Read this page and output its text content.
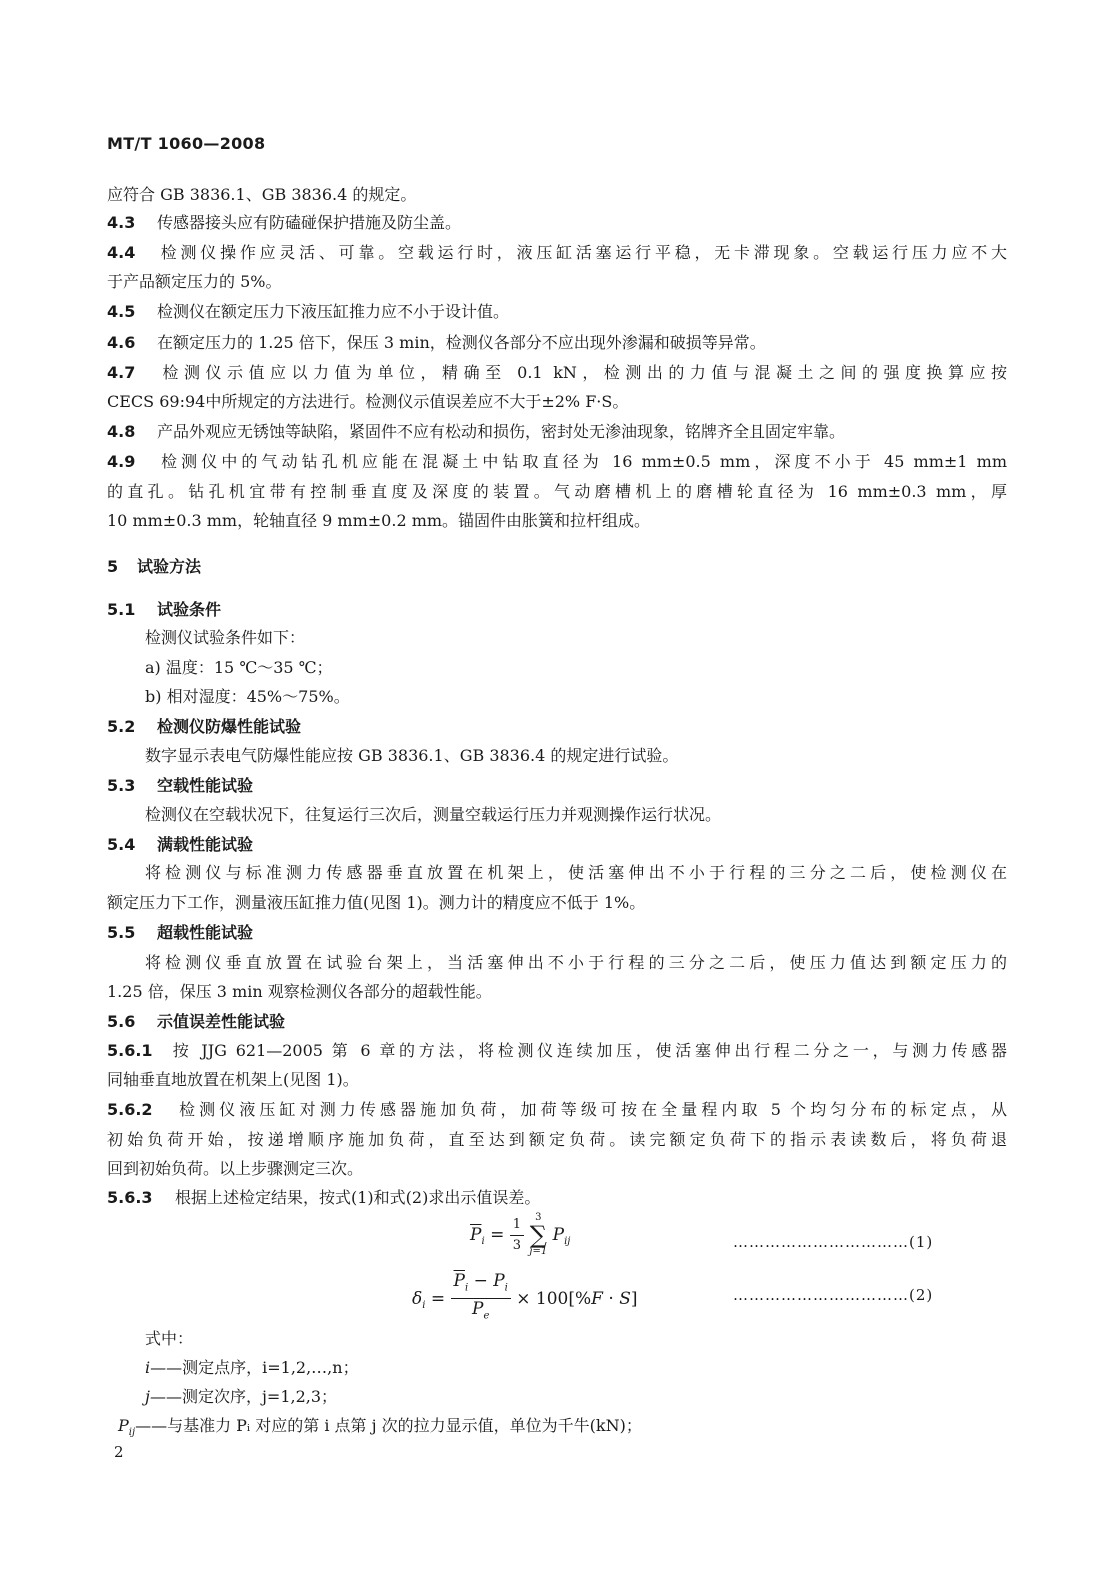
MT/T 1060—2008
应符合 GB 3836.1、GB 3836.4 的规定。
4.3 传感器接头应有防磕碰保护措施及防尘盖。
4.4 检测仪操作应灵活、可靠。空载运行时，液压缸活塞运行平稳，无卡滞现象。空载运行压力应不大
于产品额定压力的 5%。
4.5 检测仪在额定压力下液压缸推力应不小于设计值。
4.6 在额定压力的 1.25 倍下，保压 3 min，检测仪各部分不应出现外渗漏和破损等异常。
4.7 检测仪示值应以力值为单位，精确至 0.1 kN，检测出的力值与混凝土之间的强度换算应按
CECS 69:94中所规定的方法进行。检测仪示值误差应不大于±2% F·S。
4.8 产品外观应无锈蚀等缺陷，紧固件不应有松动和损伤，密封处无渗油现象，铭牌齐全且固定牢靠。
4.9 检测仪中的气动钻孔机应能在混凝土中钻取直径为 16 mm±0.5 mm，深度不小于 45 mm±1 mm
的直孔。钻孔机宜带有控制垂直度及深度的装置。气动磨槽机上的磨槽轮直径为 16 mm±0.3 mm，厚
10 mm±0.3 mm，轮轴直径 9 mm±0.2 mm。锚固件由胀簧和拉杆组成。
5 试验方法
5.1 试验条件
检测仪试验条件如下：
a) 温度：15 ℃～35 ℃；
b) 相对湿度：45%～75%。
5.2 检测仪防爆性能试验
数字显示表电气防爆性能应按 GB 3836.1、GB 3836.4 的规定进行试验。
5.3 空载性能试验
检测仪在空载状况下，往复运行三次后，测量空载运行压力并观测操作运行状况。
5.4 满载性能试验
将检测仪与标准测力传感器垂直放置在机架上，使活塞伸出不小于行程的三分之二后，使检测仪在
额定压力下工作，测量液压缸推力值(见图 1)。测力计的精度应不低于 1%。
5.5 超载性能试验
将检测仪垂直放置在试验台架上，当活塞伸出不小于行程的三分之二后，使压力值达到额定压力的
1.25 倍，保压 3 min 观察检测仪各部分的超载性能。
5.6 示值误差性能试验
5.6.1 按 JJG 621—2005 第 6 章的方法，将检测仪连续加压，使活塞伸出行程二分之一，与测力传感器
同轴垂直地放置在机架上(见图 1)。
5.6.2 检测仪液压缸对测力传感器施加负荷，加荷等级可按在全量程内取 5 个均匀分布的标定点，从
初始负荷开始，按递增顺序施加负荷，直至达到额定负荷。读完额定负荷下的指示表读数后，将负荷退
回到初始负荷。以上步骤测定三次。
5.6.3 根据上述检定结果，按式(1)和式(2)求出示值误差。
$\overline{P}_i = \frac{1}{3}$
	3
∑
j=1
$P_{ij}$	……………………………(1)
$\delta_i = \frac{\overline{P}_i - P_i}{P_e} \times 100[\%F \cdot S]$	……………………………(2)
式中：
i——测定点序，i=1,2,…,n；
j——测定次序，j=1,2,3；
$P_{ij}——$与基准力 Pᵢ 对应的第 i 点第 j 次的拉力显示值，单位为千牛(kN)；
2
